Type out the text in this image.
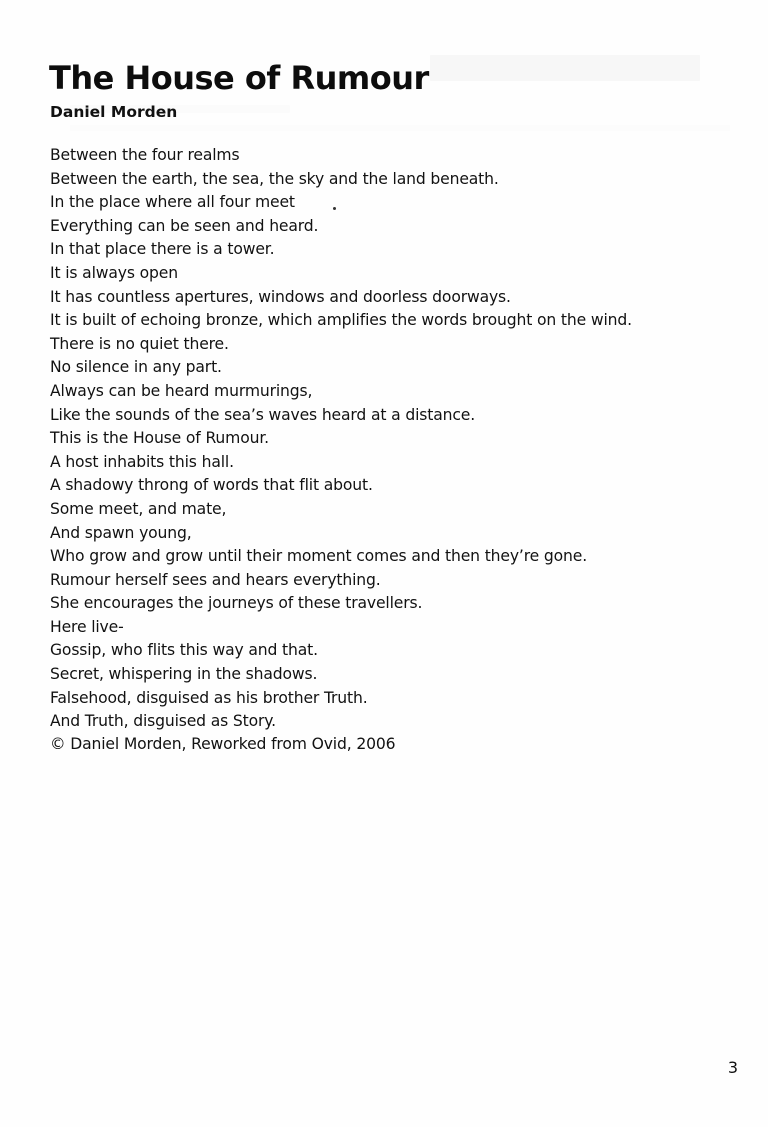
The House of Rumour
Daniel Morden
Between the four realms
Between the earth, the sea, the sky and the land beneath.
In the place where all four meet
Everything can be seen and heard.
In that place there is a tower.
It is always open
It has countless apertures, windows and doorless doorways.
It is built of echoing bronze, which amplifies the words brought on the wind.
There is no quiet there.
No silence in any part.
Always can be heard murmurings,
Like the sounds of the sea’s waves heard at a distance.
This is the House of Rumour.
A host inhabits this hall.
A shadowy throng of words that flit about.
Some meet, and mate,
And spawn young,
Who grow and grow until their moment comes and then they’re gone.
Rumour herself sees and hears everything.
She encourages the journeys of these travellers.
Here live-
Gossip, who flits this way and that.
Secret, whispering in the shadows.
Falsehood, disguised as his brother Truth.
And Truth, disguised as Story.

© Daniel Morden, Reworked from Ovid, 2006

3
